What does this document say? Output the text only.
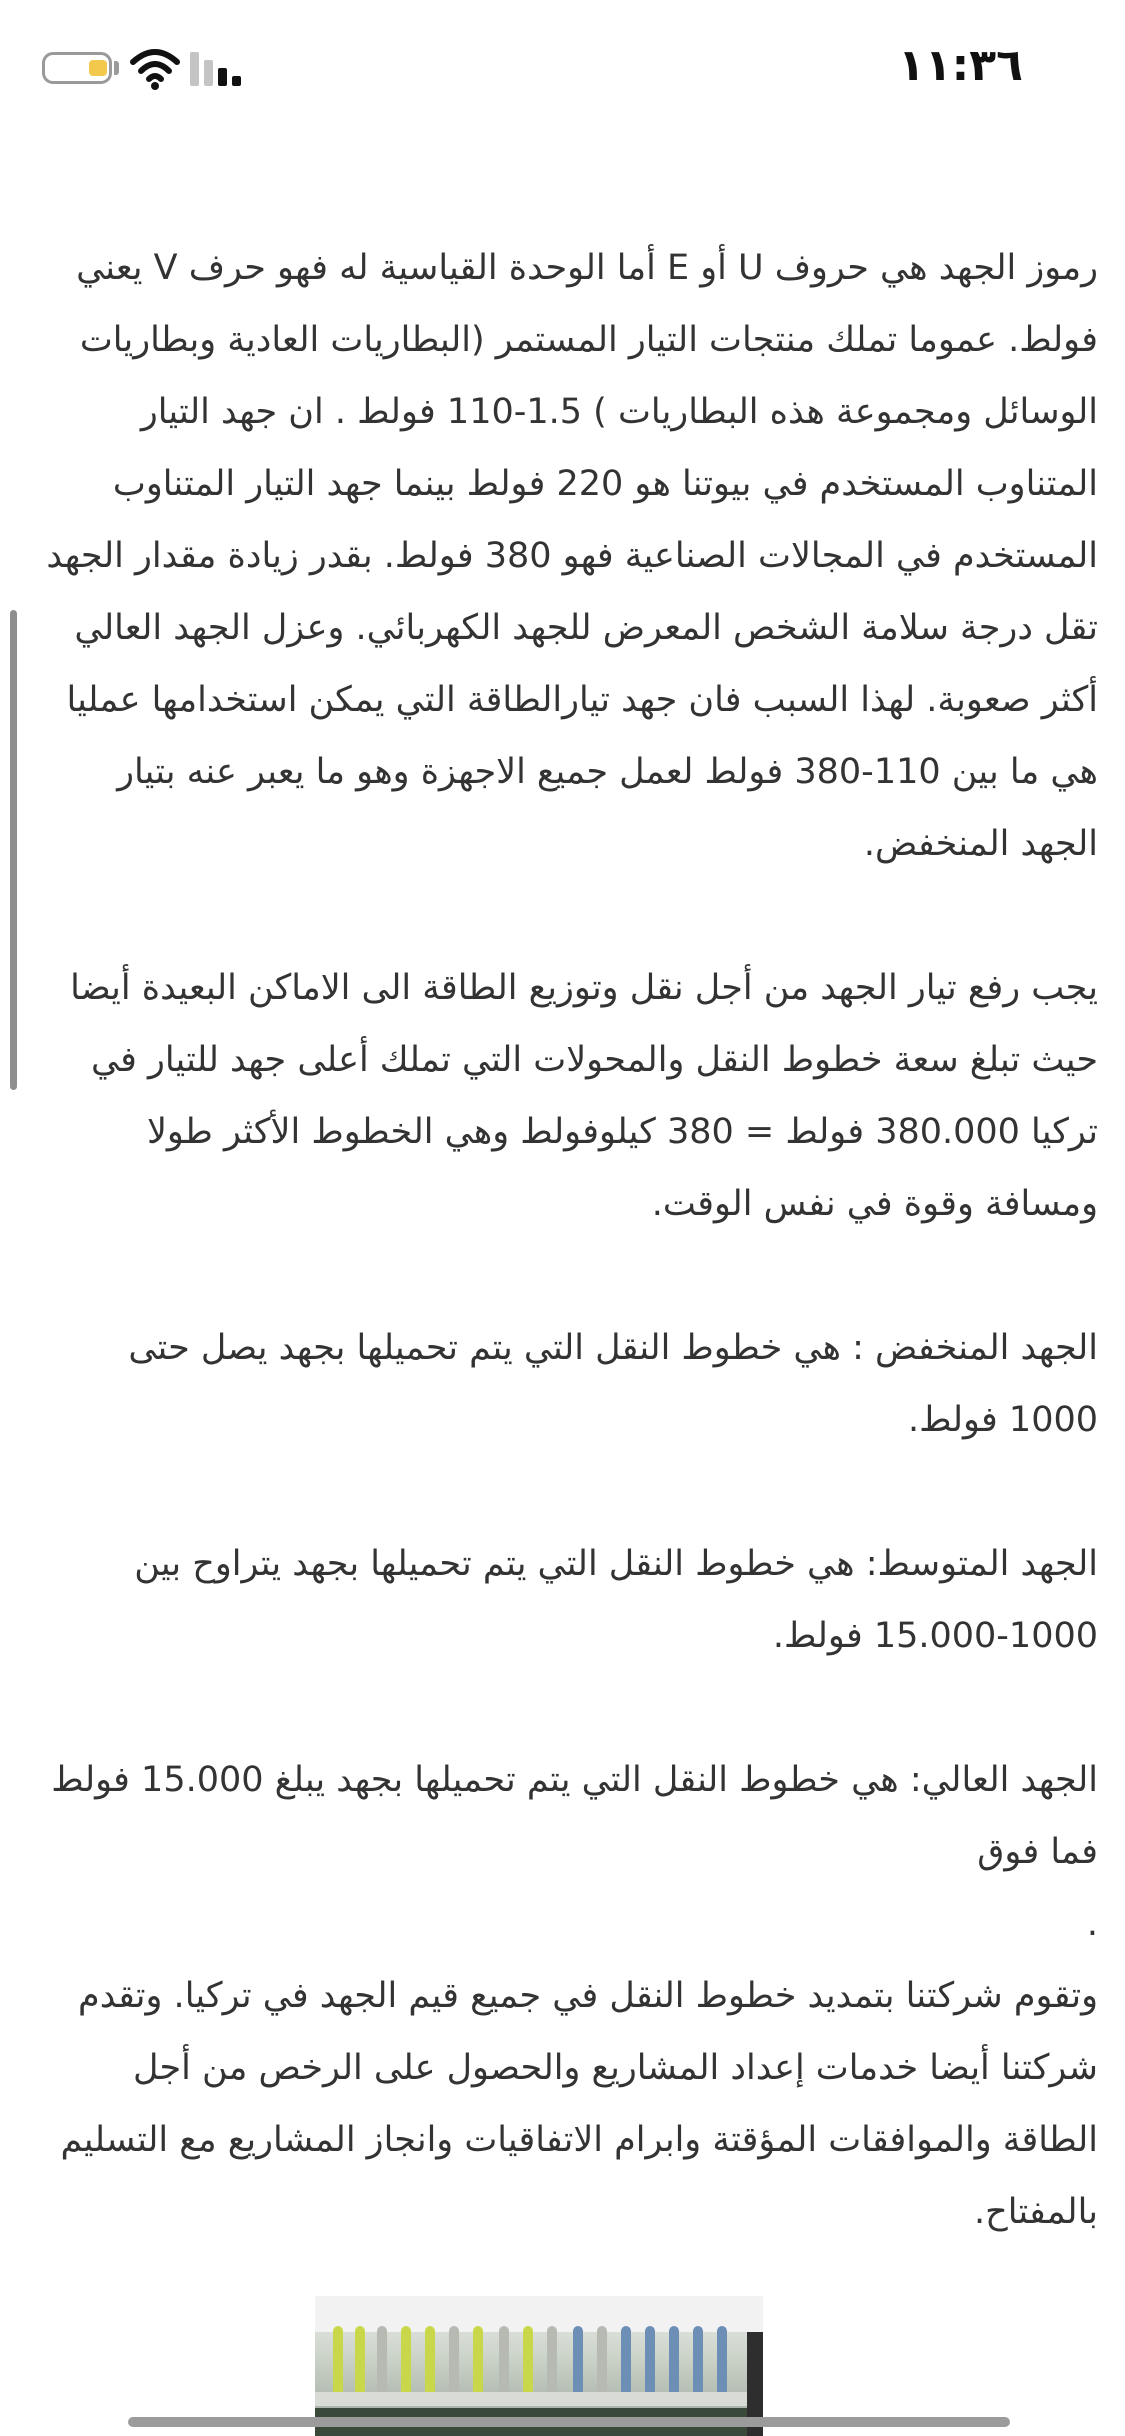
١١:٣٦

رموز الجهد هي حروف U أو E أما الوحدة القياسية له فهو حرف V يعني فولط. عموما تملك منتجات التيار المستمر (البطاريات العادية وبطاريات الوسائل ومجموعة هذه البطاريات ) 1.5-110 فولط . ان جهد التيار المتناوب المستخدم في بيوتنا هو 220 فولط بينما جهد التيار المتناوب المستخدم في المجالات الصناعية فهو 380 فولط. بقدر زيادة مقدار الجهد تقل درجة سلامة الشخص المعرض للجهد الكهربائي. وعزل الجهد العالي أكثر صعوبة. لهذا السبب فان جهد تيارالطاقة التي يمكن استخدامها عمليا هي ما بين 110-380 فولط لعمل جميع الاجهزة وهو ما يعبر عنه بتيار الجهد المنخفض.

يجب رفع تيار الجهد من أجل نقل وتوزيع الطاقة الى الاماكن البعيدة أيضا حيث تبلغ سعة خطوط النقل والمحولات التي تملك أعلى جهد للتيار في تركيا 380.000 فولط = 380 كيلوفولط وهي الخطوط الأكثر طولا ومسافة وقوة في نفس الوقت.

الجهد المنخفض : هي خطوط النقل التي يتم تحميلها بجهد يصل حتى 1000 فولط.

الجهد المتوسط: هي خطوط النقل التي يتم تحميلها بجهد يتراوح بين 1000-15.000 فولط.

الجهد العالي: هي خطوط النقل التي يتم تحميلها بجهد يبلغ 15.000 فولط فما فوق

.

وتقوم شركتنا بتمديد خطوط النقل في جميع قيم الجهد في تركيا. وتقدم شركتنا أيضا خدمات إعداد المشاريع والحصول على الرخص من أجل الطاقة والموافقات المؤقتة وابرام الاتفاقيات وانجاز المشاريع مع التسليم بالمفتاح.
